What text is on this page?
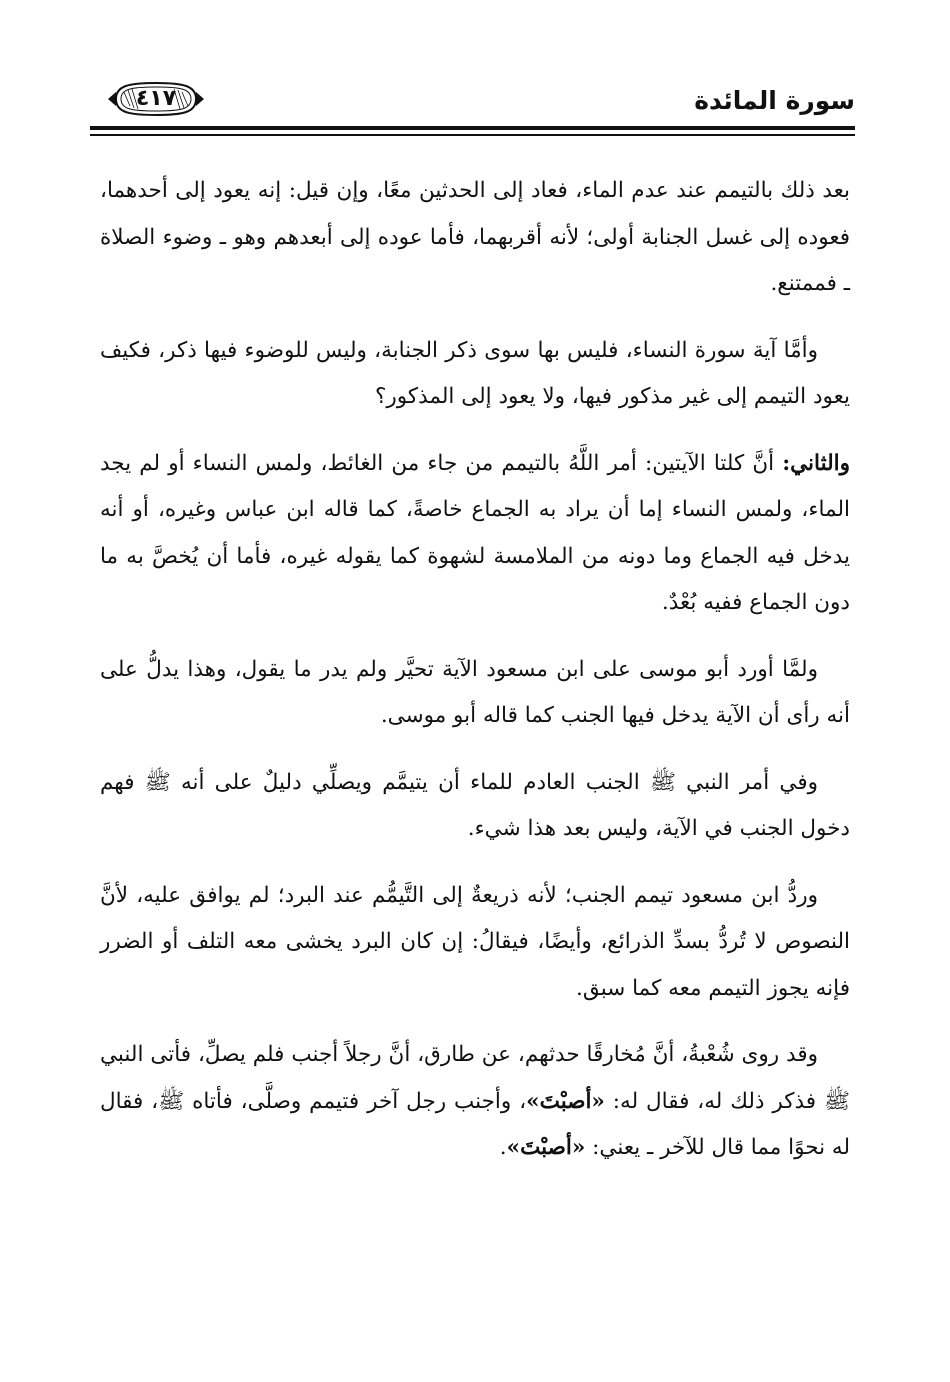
سورة المائدة
٤١٧

بعد ذلك بالتيمم عند عدم الماء، فعاد إلى الحدثين معًا، وإن قيل: إنه يعود إلى أحدهما، فعوده إلى غسل الجنابة أولى؛ لأنه أقربهما، فأما عوده إلى أبعدهم وهو ـ وضوء الصلاة ـ فممتنع.

وأمَّا آية سورة النساء، فليس بها سوى ذكر الجنابة، وليس للوضوء فيها ذكر، فكيف يعود التيمم إلى غير مذكور فيها، ولا يعود إلى المذكور؟

والثاني: أنَّ كلتا الآيتين: أمر اللَّهُ بالتيمم من جاء من الغائط، ولمس النساء أو لم يجد الماء، ولمس النساء إما أن يراد به الجماع خاصةً، كما قاله ابن عباس وغيره، أو أنه يدخل فيه الجماع وما دونه من الملامسة لشهوة كما يقوله غيره، فأما أن يُخصَّ به ما دون الجماع ففيه بُعْدٌ.

ولمَّا أورد أبو موسى على ابن مسعود الآية تحيَّر ولم يدر ما يقول، وهذا يدلُّ على أنه رأى أن الآية يدخل فيها الجنب كما قاله أبو موسى.

وفي أمر النبي ﷺ الجنب العادم للماء أن يتيمَّم ويصلِّي دليلٌ على أنه ﷺ فهم دخول الجنب في الآية، وليس بعد هذا شيء.

وردُّ ابن مسعود تيمم الجنب؛ لأنه ذريعةٌ إلى التَّيمُّم عند البرد؛ لم يوافق عليه، لأنَّ النصوص لا تُردُّ بسدِّ الذرائع، وأيضًا، فيقالُ: إن كان البرد يخشى معه التلف أو الضرر فإنه يجوز التيمم معه كما سبق.

وقد روى شُعْبةُ، أنَّ مُخارقًا حدثهم، عن طارق، أنَّ رجلاً أجنب فلم يصلِّ، فأتى النبي ﷺ فذكر ذلك له، فقال له: «أصبْتَ»، وأجنب رجل آخر فتيمم وصلَّى، فأتاه ﷺ، فقال له نحوًا مما قال للآخر ـ يعني: «أصبْتَ».
